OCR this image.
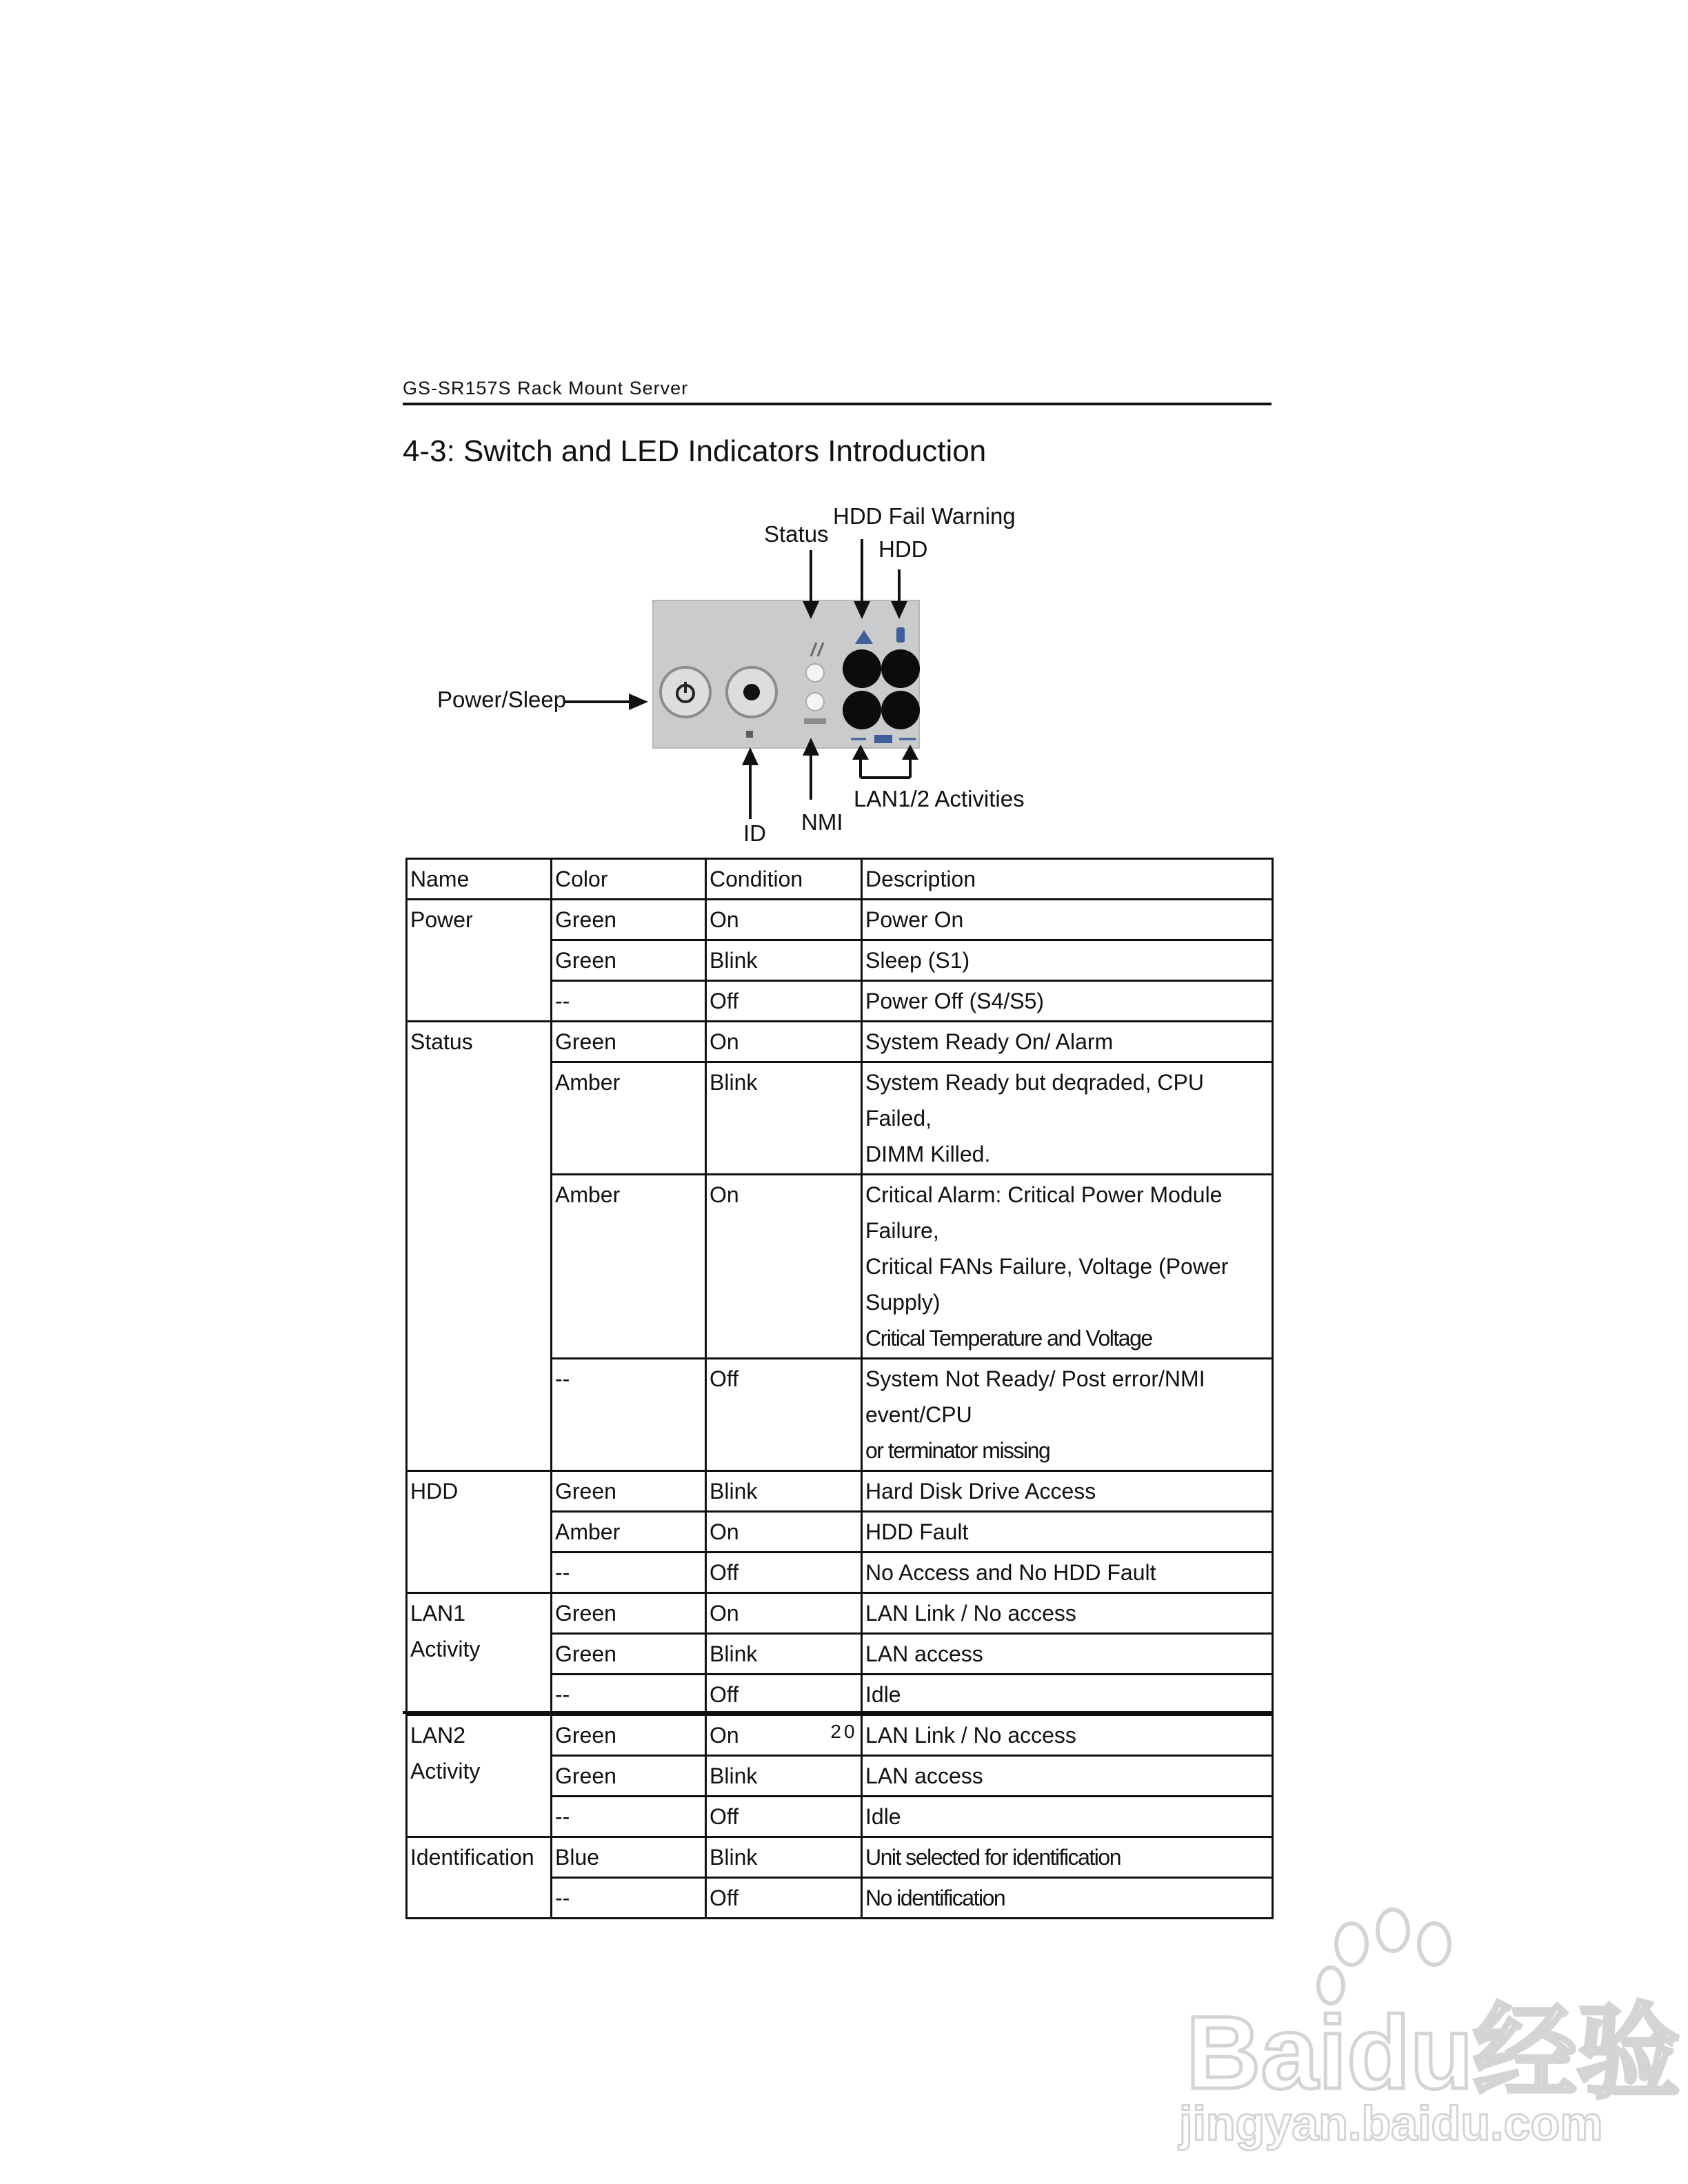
GS-SR157S Rack Mount Server
4-3: Switch and LED Indicators Introduction
Status
HDD Fail Warning
HDD
Power/Sleep
LAN1/2 Activities
ID NMI
Name	Color	Condition	Description

Power	Green	On	Power On

	Green	Blink	Sleep (S1)

	--	Off	Power Off (S4/S5)

Status	Green	On	System Ready On/ Alarm

	Amber	Blink	System Ready but deqraded, CPU Failed,
DIMM Killed.

	Amber	On	Critical Alarm: Critical Power Module Failure,
Critical FANs Failure, Voltage (Power Supply)
Critical Temperature and Voltage

	--	Off	System Not Ready/ Post error/NMI event/CPU
or terminator missing

HDD	Green	Blink	Hard Disk Drive Access

	Amber	On	HDD Fault

	--	Off	No Access and No HDD Fault

LAN1
Activity	Green	On	LAN Link / No access

	Green	Blink	LAN access

	--	Off	Idle

LAN2
Activity	Green	On	LAN Link / No access

	Green	Blink	LAN access

	--	Off	Idle

Identification	Blue	Blink	Unit selected for identification

	--	Off	No identification
20
Baidu经验
jingyan.baidu.com
